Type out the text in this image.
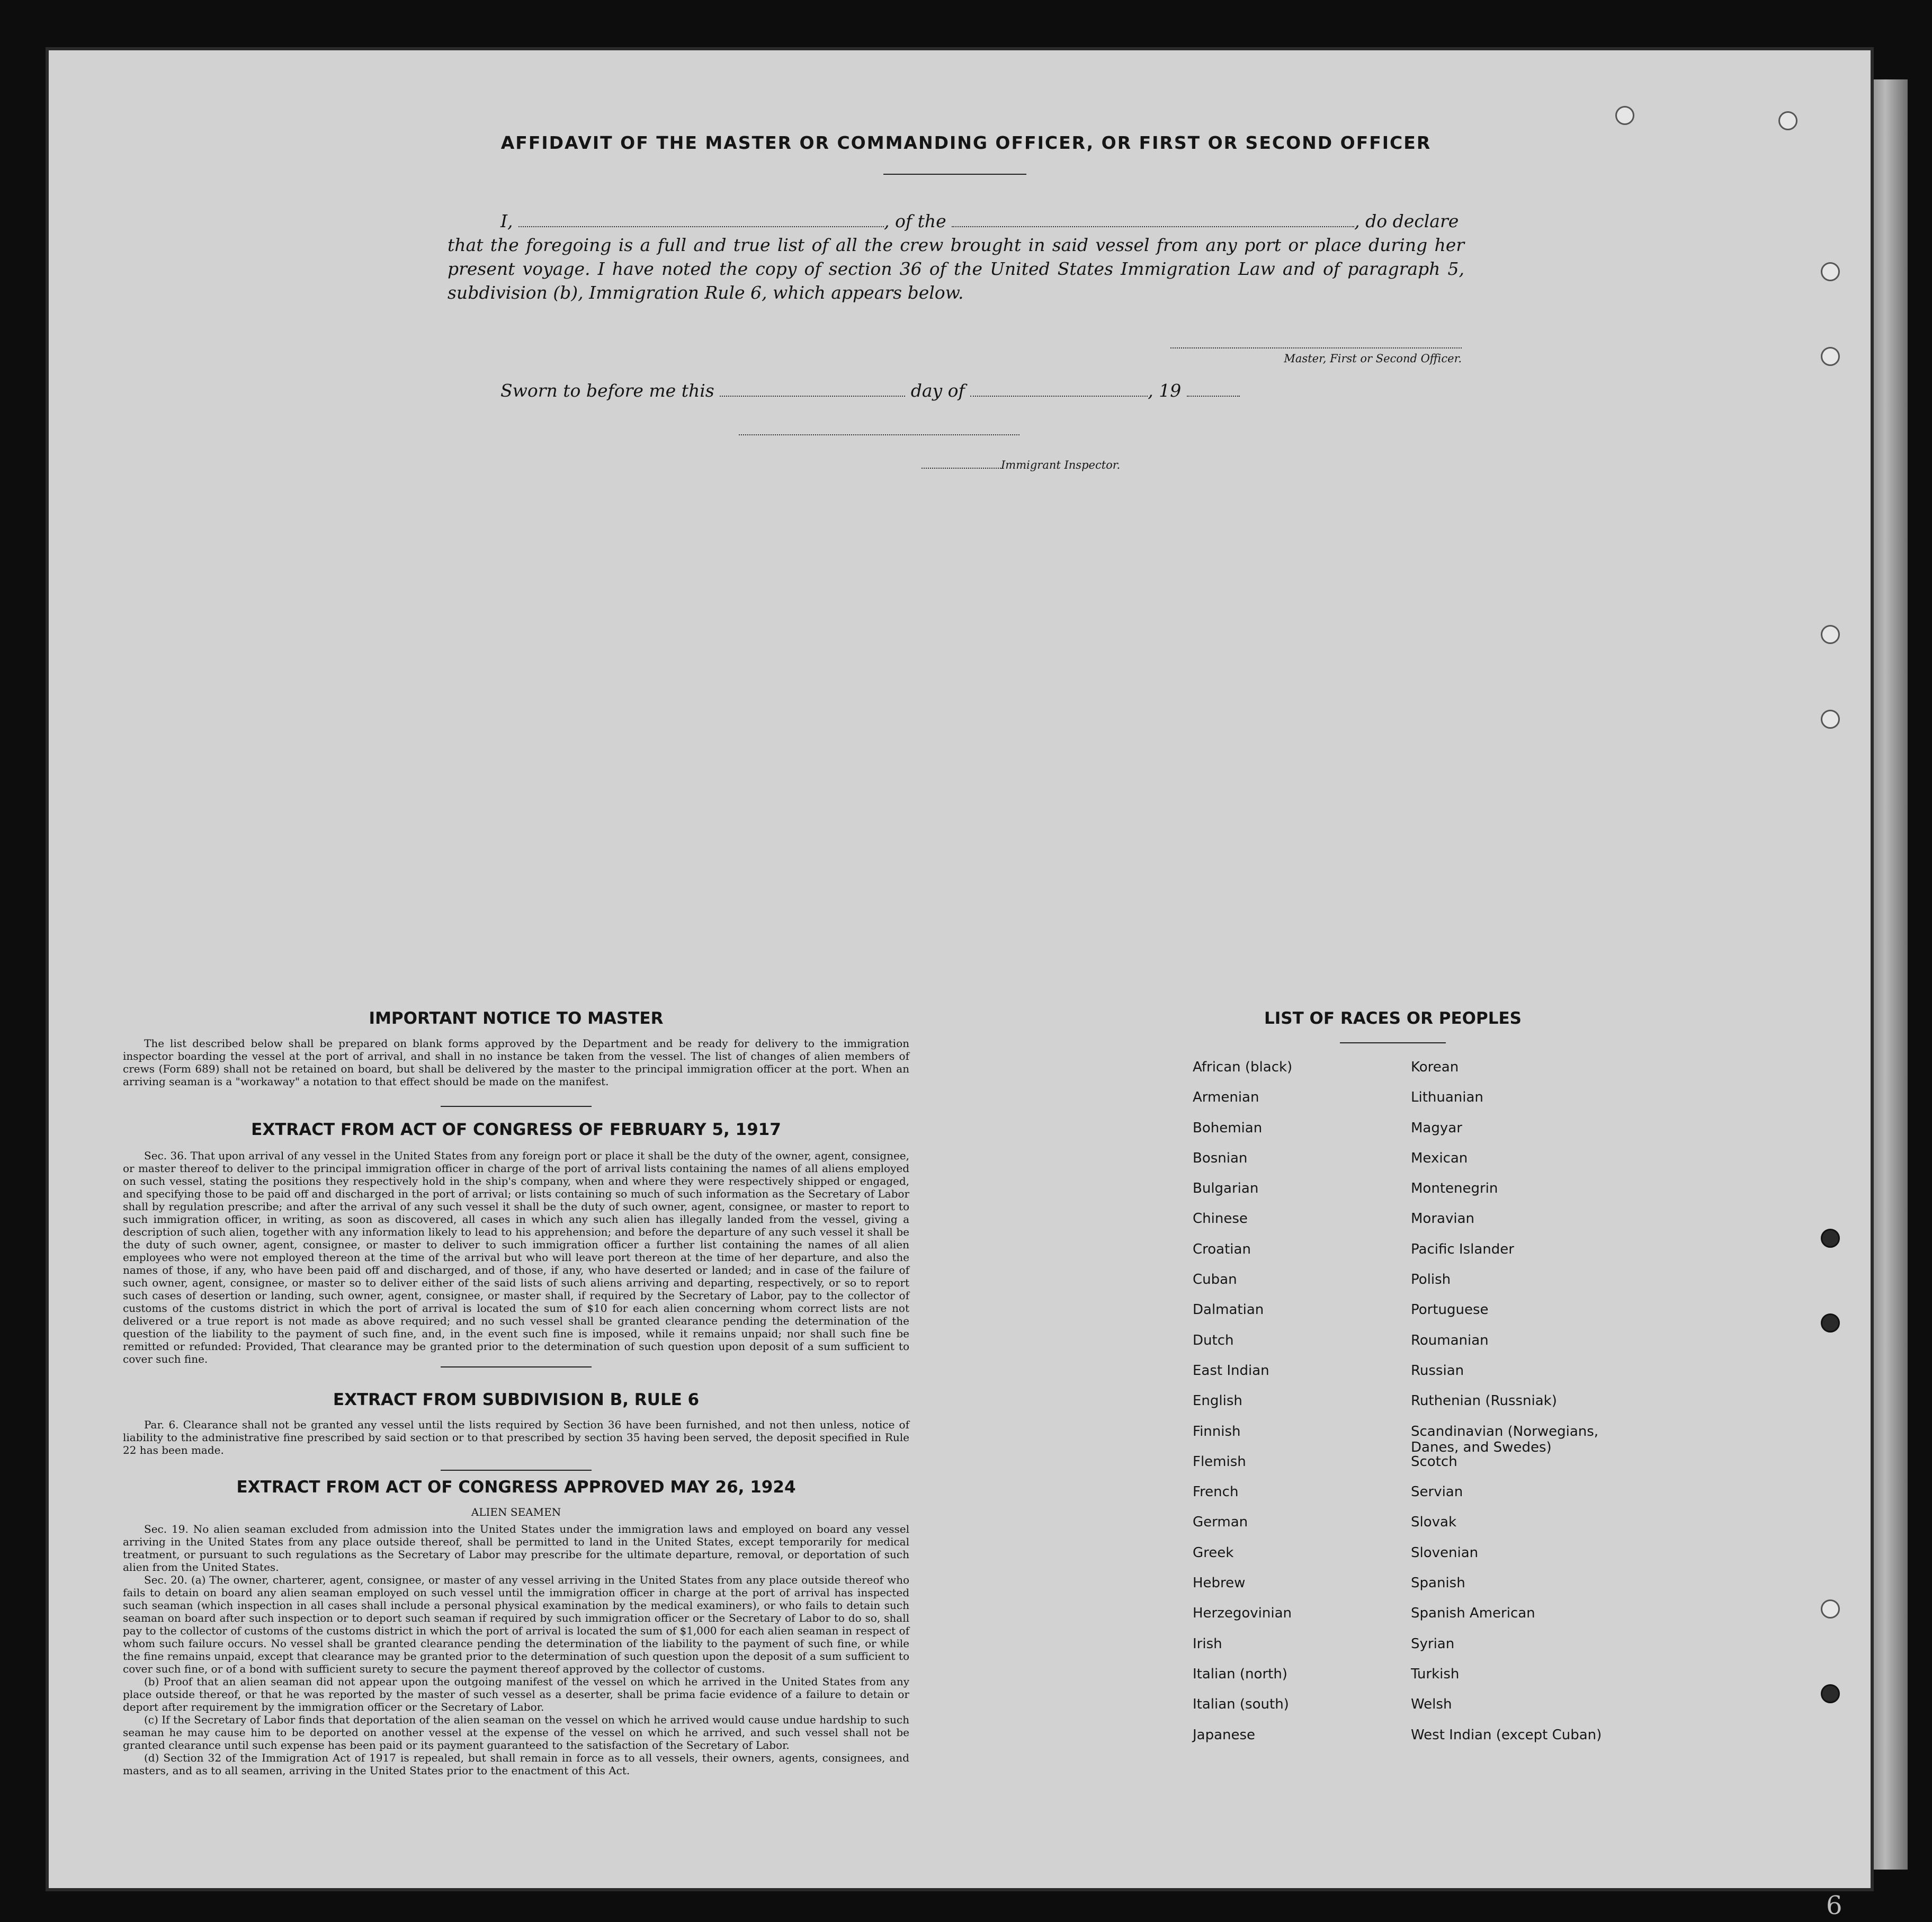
AFFIDAVIT OF THE MASTER OR COMMANDING OFFICER, OR FIRST OR SECOND OFFICER
I,	, of the	, do declare
that the foregoing is a full and true list of all the crew brought in said vessel from any port or place during her present voyage. I have noted the copy of section 36 of the United States Immigration Law and of paragraph 5, subdivision (b), Immigration Rule 6, which appears below.
Master, First or Second Officer.
Sworn to before me this	day of	, 19
Immigrant Inspector.
IMPORTANT NOTICE TO MASTER

The list described below shall be prepared on blank forms approved by the Department and be ready for delivery to the immigration inspector boarding the vessel at the port of arrival, and shall in no instance be taken from the vessel. The list of changes of alien members of crews (Form 689) shall not be retained on board, but shall be delivered by the master to the principal immigration officer at the port. When an arriving seaman is a "workaway" a notation to that effect should be made on the manifest.

EXTRACT FROM ACT OF CONGRESS OF FEBRUARY 5, 1917

Sec. 36. That upon arrival of any vessel in the United States from any foreign port or place it shall be the duty of the owner, agent, consignee, or master thereof to deliver to the principal immigration officer in charge of the port of arrival lists containing the names of all aliens employed on such vessel, stating the positions they respectively hold in the ship's company, when and where they were respectively shipped or engaged, and specifying those to be paid off and discharged in the port of arrival; or lists containing so much of such information as the Secretary of Labor shall by regulation prescribe; and after the arrival of any such vessel it shall be the duty of such owner, agent, consignee, or master to report to such immigration officer, in writing, as soon as discovered, all cases in which any such alien has illegally landed from the vessel, giving a description of such alien, together with any information likely to lead to his apprehension; and before the departure of any such vessel it shall be the duty of such owner, agent, consignee, or master to deliver to such immigration officer a further list containing the names of all alien employees who were not employed thereon at the time of the arrival but who will leave port thereon at the time of her departure, and also the names of those, if any, who have been paid off and discharged, and of those, if any, who have deserted or landed; and in case of the failure of such owner, agent, consignee, or master so to deliver either of the said lists of such aliens arriving and departing, respectively, or so to report such cases of desertion or landing, such owner, agent, consignee, or master shall, if required by the Secretary of Labor, pay to the collector of customs of the customs district in which the port of arrival is located the sum of $10 for each alien concerning whom correct lists are not delivered or a true report is not made as above required; and no such vessel shall be granted clearance pending the determination of the question of the liability to the payment of such fine, and, in the event such fine is imposed, while it remains unpaid; nor shall such fine be remitted or refunded: Provided, That clearance may be granted prior to the determination of such question upon deposit of a sum sufficient to cover such fine.

EXTRACT FROM SUBDIVISION B, RULE 6

Par. 6. Clearance shall not be granted any vessel until the lists required by Section 36 have been furnished, and not then unless, notice of liability to the administrative fine prescribed by said section or to that prescribed by section 35 having been served, the deposit specified in Rule 22 has been made.

EXTRACT FROM ACT OF CONGRESS APPROVED MAY 26, 1924
ALIEN SEAMEN

Sec. 19. No alien seaman excluded from admission into the United States under the immigration laws and employed on board any vessel arriving in the United States from any place outside thereof, shall be permitted to land in the United States, except temporarily for medical treatment, or pursuant to such regulations as the Secretary of Labor may prescribe for the ultimate departure, removal, or deportation of such alien from the United States.

Sec. 20. (a) The owner, charterer, agent, consignee, or master of any vessel arriving in the United States from any place outside thereof who fails to detain on board any alien seaman employed on such vessel until the immigration officer in charge at the port of arrival has inspected such seaman (which inspection in all cases shall include a personal physical examination by the medical examiners), or who fails to detain such seaman on board after such inspection or to deport such seaman if required by such immigration officer or the Secretary of Labor to do so, shall pay to the collector of customs of the customs district in which the port of arrival is located the sum of $1,000 for each alien seaman in respect of whom such failure occurs. No vessel shall be granted clearance pending the determination of the liability to the payment of such fine, or while the fine remains unpaid, except that clearance may be granted prior to the determination of such question upon the deposit of a sum sufficient to cover such fine, or of a bond with sufficient surety to secure the payment thereof approved by the collector of customs.

(b) Proof that an alien seaman did not appear upon the outgoing manifest of the vessel on which he arrived in the United States from any place outside thereof, or that he was reported by the master of such vessel as a deserter, shall be prima facie evidence of a failure to detain or deport after requirement by the immigration officer or the Secretary of Labor.

(c) If the Secretary of Labor finds that deportation of the alien seaman on the vessel on which he arrived would cause undue hardship to such seaman he may cause him to be deported on another vessel at the expense of the vessel on which he arrived, and such vessel shall not be granted clearance until such expense has been paid or its payment guaranteed to the satisfaction of the Secretary of Labor.

(d) Section 32 of the Immigration Act of 1917 is repealed, but shall remain in force as to all vessels, their owners, agents, consignees, and masters, and as to all seamen, arriving in the United States prior to the enactment of this Act.

LIST OF RACES OR PEOPLES
African (black)	Korean
Armenian	Lithuanian
Bohemian	Magyar
Bosnian	Mexican
Bulgarian	Montenegrin
Chinese	Moravian
Croatian	Pacific Islander
Cuban	Polish
Dalmatian	Portuguese
Dutch	Roumanian
East Indian	Russian
English	Ruthenian (Russniak)
Finnish	Scandinavian (Norwegians, Danes, and Swedes)
Flemish	Scotch
French	Servian
German	Slovak
Greek	Slovenian
Hebrew	Spanish
Herzegovinian	Spanish American
Irish	Syrian
Italian (north)	Turkish
Italian (south)	Welsh
Japanese	West Indian (except Cuban)
6
